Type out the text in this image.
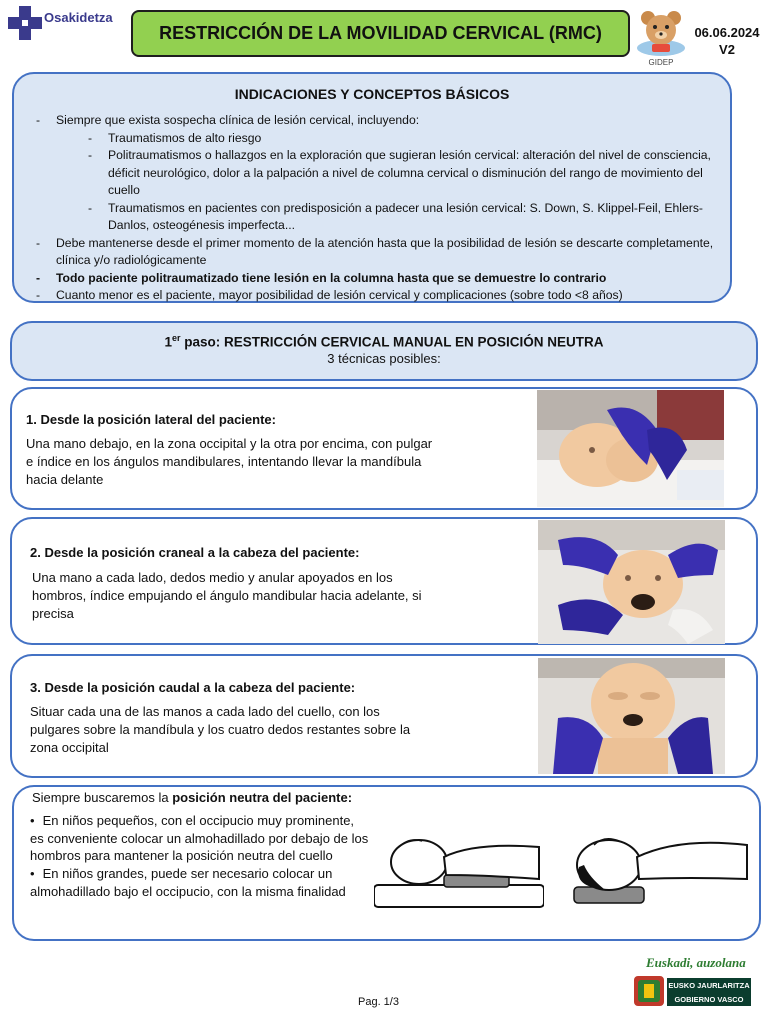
Osakidetza
RESTRICCIÓN DE LA MOVILIDAD CERVICAL (RMC)
GIDEP
06.06.2024
V2
INDICACIONES Y CONCEPTOS BÁSICOS
- Siempre que exista sospecha clínica de lesión cervical, incluyendo:
- Traumatismos de alto riesgo
- Politraumatismos o hallazgos en la exploración que sugieran lesión cervical: alteración del nivel de consciencia, déficit neurológico, dolor a la palpación a nivel de columna cervical o disminución del rango de movimiento del cuello
- Traumatismos en pacientes con predisposición a padecer una lesión cervical: S. Down, S. Klippel-Feil, Ehlers-Danlos, osteogénesis imperfecta...
- Debe mantenerse desde el primer momento de la atención hasta que la posibilidad de lesión se descarte completamente, clínica y/o radiológicamente
- Todo paciente politraumatizado tiene lesión en la columna hasta que se demuestre lo contrario
- Cuanto menor es el paciente, mayor posibilidad de lesión cervical y complicaciones (sobre todo <8 años)
1er paso: RESTRICCIÓN CERVICAL MANUAL EN POSICIÓN NEUTRA
3 técnicas posibles:
1. Desde la posición lateral del paciente:

Una mano debajo, en la zona occipital y la otra por encima, con pulgar e índice en los ángulos mandibulares, intentando llevar la mandíbula hacia delante

2. Desde la posición craneal a la cabeza del paciente:

Una mano a cada lado, dedos medio y anular apoyados en los hombros, índice empujando el ángulo mandibular hacia adelante, si precisa

3. Desde la posición caudal a la cabeza del paciente:

Situar cada una de las manos a cada lado del cuello, con los pulgares sobre la mandíbula y los cuatro dedos restantes sobre la zona occipital

Siempre buscaremos la posición neutra del paciente:
• En niños pequeños, con el occipucio muy prominente, es conveniente colocar un almohadillado por debajo de los hombros para mantener la posición neutra del cuello
• En niños grandes, puede ser necesario colocar un almohadillado bajo el occipucio, con la misma finalidad
Euskadi, auzolana
EUSKO JAURLARITZA
GOBIERNO VASCO
Pag. 1/3
